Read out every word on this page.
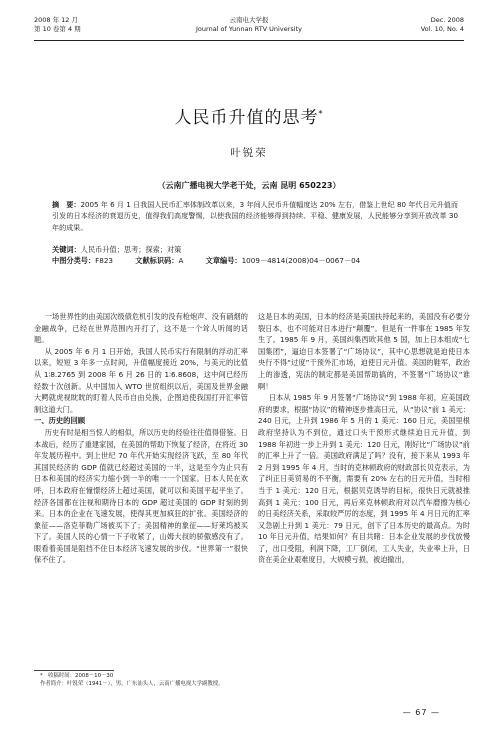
2008 年 12 月
第 10 卷第 4 期
云南电大学报
Journal of Yunnan RTV University
Dec. 2008
Vol. 10, No. 4
人民币升值的思考*
叶锐荣
（云南广播电视大学老干处，云南 昆明 650223）
摘　要：2005 年 6 月 1 日我国人民币汇率体制改革以来，3 年间人民币升值幅度达 20% 左右，借鉴上世纪 80 年代日元升值而引发的日本经济的衰退历史，值得我们高度警惕，以使我国的经济能够得到持续、平稳、健康发展，人民能够分享到开放改革 30 年的成果。
关键词：人民币升值；思考；探索；对策
中图分类号：F823	文献标识码：A	文章编号：1009－4814(2008)04－0067－04

一场世界性的由美国次级债危机引发的没有枪炮声、没有硝烟的金融战争，已经在世界范围内开打了，这不是一个耸人听闻的话题。

从 2005 年 6 月 1 日开始，我国人民币实行有限制的浮动汇率以来，短短 3 年多一点时间，升值幅度接近 20%，与美元的比值从 1∶8.2765 到 2008 年 6 月 26 日的 1∶6.8608，这中间已经历经数十次创新。从中国加入 WTO 世贸组织以后，美国及世界金融大鳄就虎视眈眈的盯着人民币自由兑换，企图迫使我国打开汇率管制这道大门。

一、历史的回顾

历史有时是相当惊人的相似，所以历史的经验往往值得借鉴。日本战后，经历了重建家园，在美国的帮助下恢复了经济，在将近 30 年发展历程中。到上世纪 70 年代开始实现经济飞跃，至 80 年代其国民经济的 GDP 值就已经超过美国的一半，这是至今为止只有日本和美国的经济实力缩小到一半的唯一一个国家。日本人民在欢呼，日本政府在憧憬经济上超过美国，就可以和美国平起平坐了。经济各国都在注视和期待日本的 GDP 超过美国的 GDP 时刻的到来。日本的企业在飞速发展，使得其更加疯狂的扩张。美国经济的象征——洛克菲勒广场被买下了；美国精神的象征——好莱坞被买下了。美国人民的心情一下子收紧了，山姆大叔的骄傲感没有了。眼看着美国是阻挡不住日本经济飞速发展的步伐。“世界第一”很快保不住了。

这是日本的美国，日本的经济是美国扶持起来的，美国没有必要分裂日本，也不可能对日本进行“颠覆”。但是有一件事在 1985 年发生了。1985 年 9 月，美国纠集西欧其他 5 国，加上日本组成“七国集团”，逼迫日本签署了“广场协议”，其中心思想就是迫使日本央行不得“过度”干预外汇市场，迫使日元升值。美国的鞋军，政治上的渗透，宪法的制定都是美国帮助搞的，不签署“广场协议”谁啊！

日本从 1985 年 9 月签署“广场协议”到 1988 年初，应美国政府的要求，根据“协议”的精神逐步推高日元，从“协议”前 1 美元：240 日元，上升到 1986 年 5 月的 1 美元：160 日元，美国里根政府坚持认为不到位，通过口头干预形式继续迫日元升值，到 1988 年初进一步上升到 1 美元：120 日元，刚好比“广场协议”前的汇率上升了一倍。美国政府满足了吗？没有，接下来从 1993 年 2 月到 1995 年 4 月，当时的克林顿政府的财政部长贝克表示，为了纠正日美贸易的不平衡，需要有 20% 左右的日元升值，当时相当于 1 美元：120 日元，根据贝克诱导的目标，很快日元就被推高到 1 美元：100 日元，再后来克林顿政府对以汽车磨擦为核心的日美经济关系，采取较严厉的态度，到 1995 年 4 月日元的汇率又急剧上升到 1 美元：79 日元，创下了日本历史的最高点。为时 10 年日元升值，结果如何？有目共睹：日本企业发展的步伐放慢了，出口受阻，利润下降，工厂倒闭，工人失业，失业率上升，日资在美企业艰难度日，大规模亏损，被迫撤出，

*　收稿时间：2008－10－30
作者简介：叶锐荣（1941－），男，广东汕头人，云南广播电视大学副教授。
— 67 —
